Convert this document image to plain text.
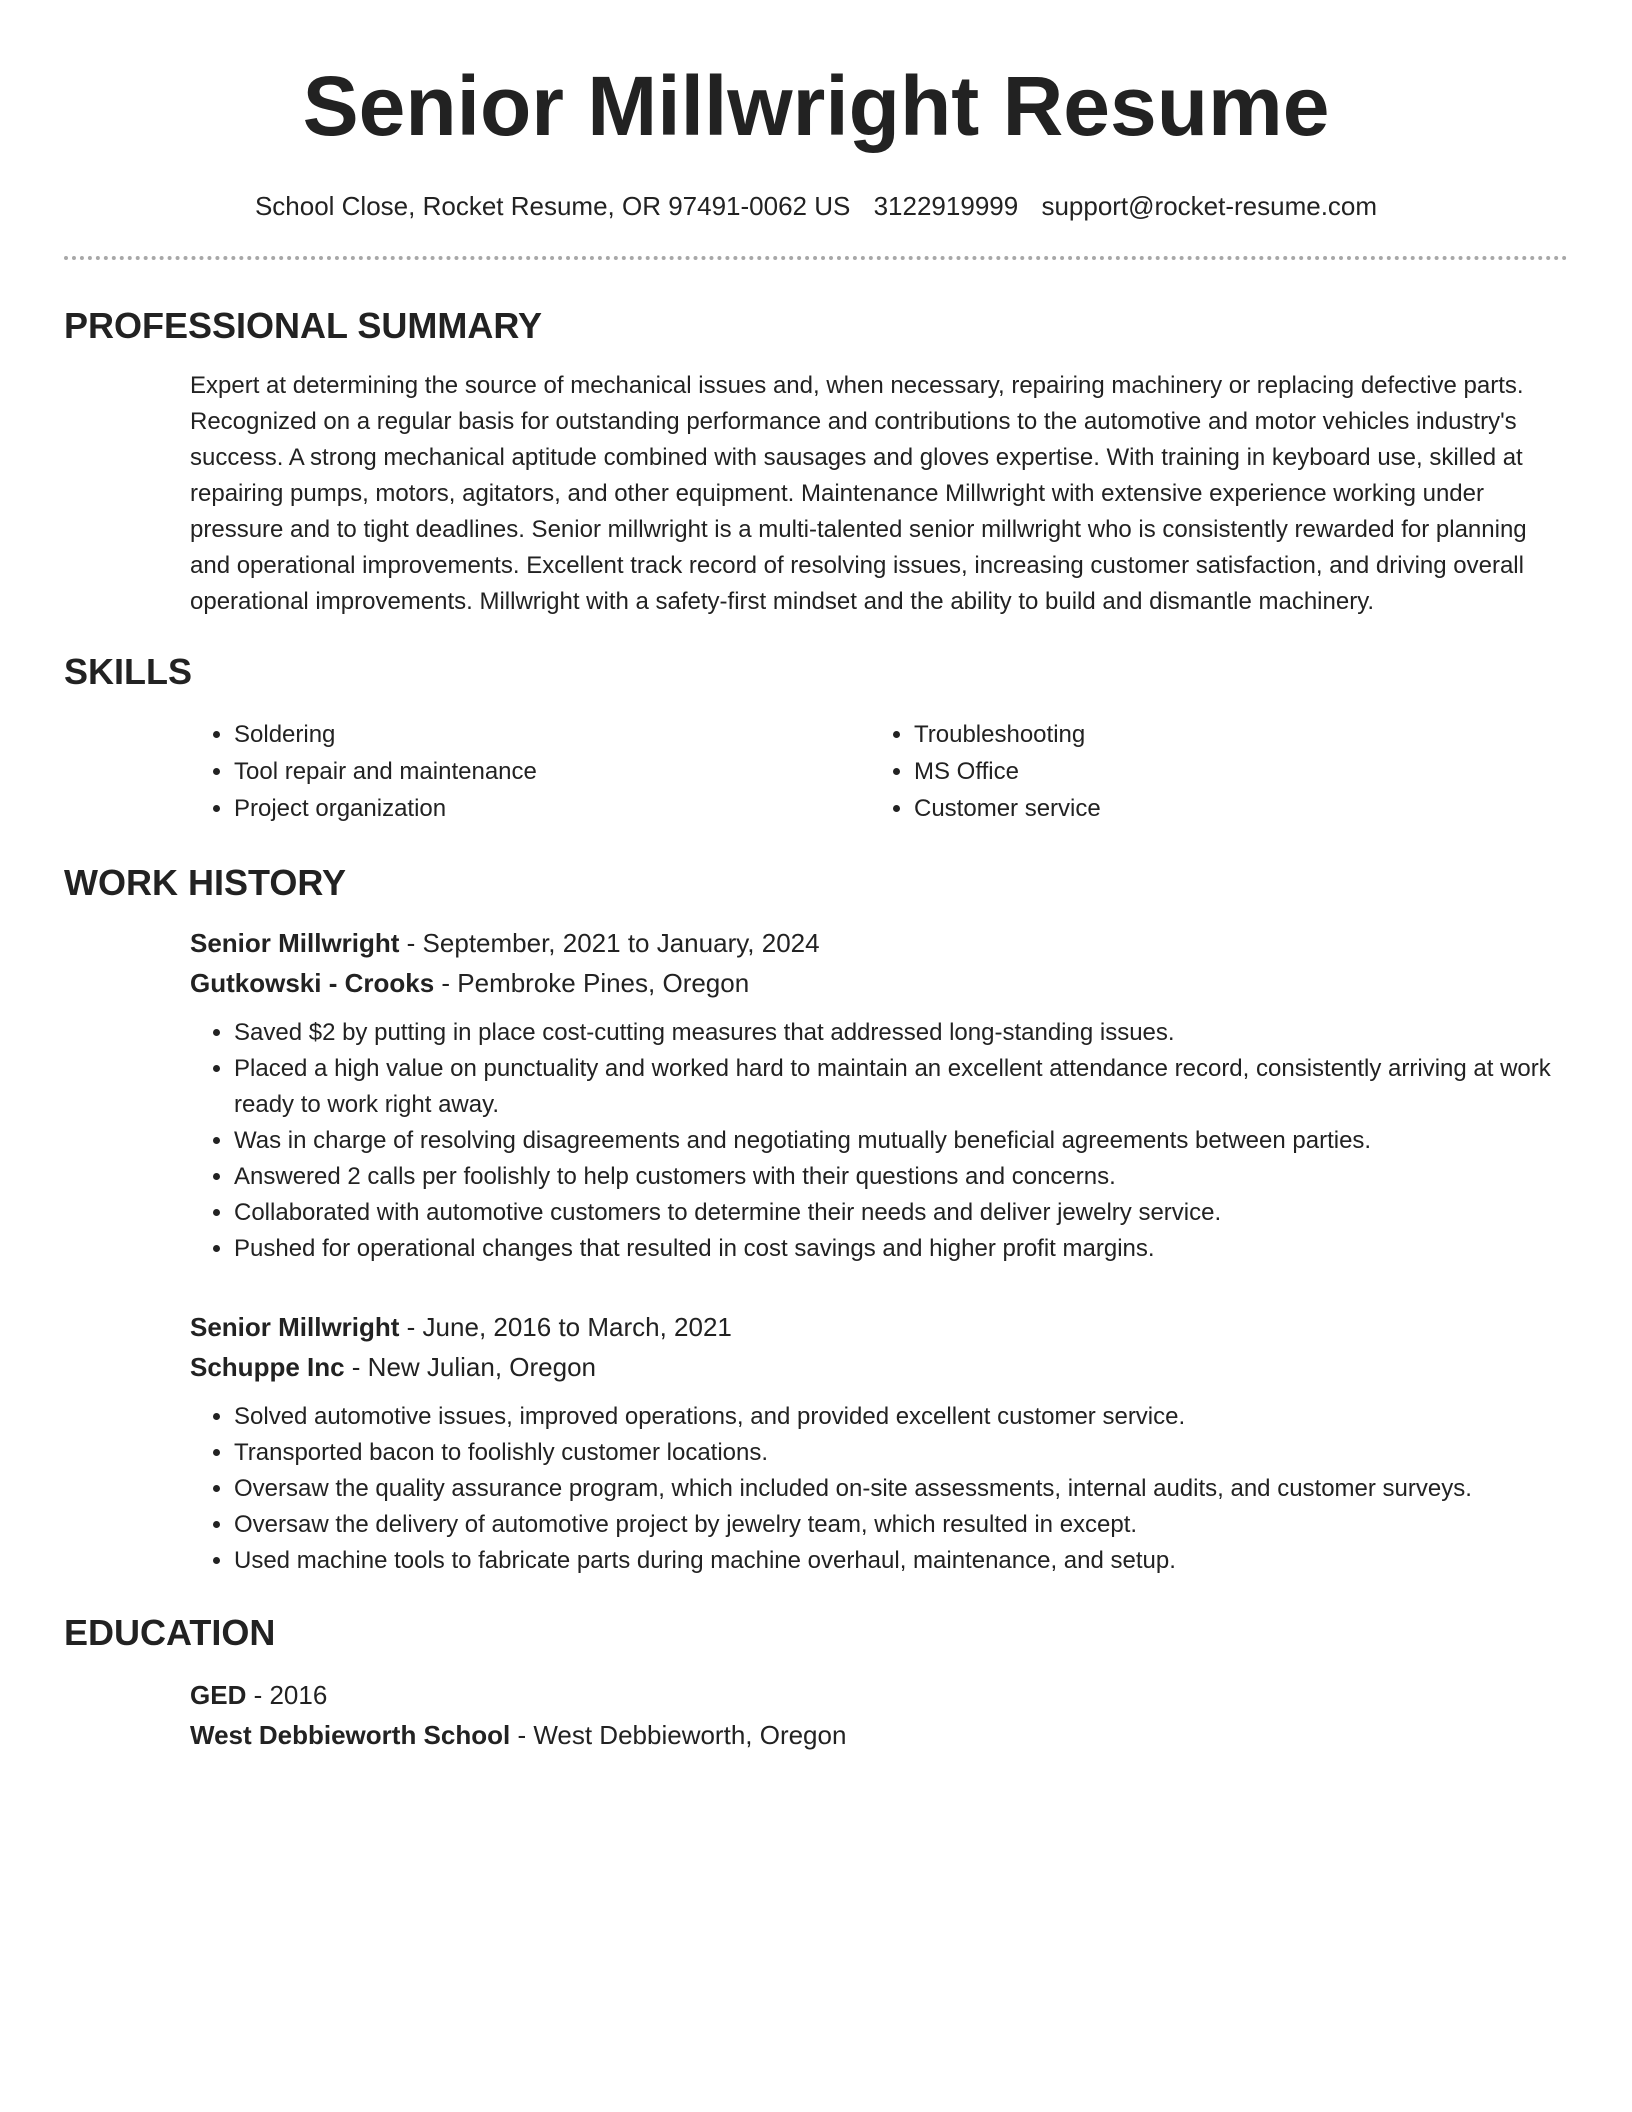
Senior Millwright Resume
School Close, Rocket Resume, OR 97491-0062 US 3122919999 support@rocket-resume.com
PROFESSIONAL SUMMARY
Expert at determining the source of mechanical issues and, when necessary, repairing machinery or replacing defective parts. Recognized on a regular basis for outstanding performance and contributions to the automotive and motor vehicles industry's success. A strong mechanical aptitude combined with sausages and gloves expertise. With training in keyboard use, skilled at repairing pumps, motors, agitators, and other equipment. Maintenance Millwright with extensive experience working under pressure and to tight deadlines. Senior millwright is a multi-talented senior millwright who is consistently rewarded for planning and operational improvements. Excellent track record of resolving issues, increasing customer satisfaction, and driving overall operational improvements. Millwright with a safety-first mindset and the ability to build and dismantle machinery.
SKILLS
• Soldering
• Tool repair and maintenance
• Project organization
• Troubleshooting
• MS Office
• Customer service
WORK HISTORY
Senior Millwright - September, 2021 to January, 2024
Gutkowski - Crooks - Pembroke Pines, Oregon
• Saved $2 by putting in place cost-cutting measures that addressed long-standing issues.
• Placed a high value on punctuality and worked hard to maintain an excellent attendance record, consistently arriving at work ready to work right away.
• Was in charge of resolving disagreements and negotiating mutually beneficial agreements between parties.
• Answered 2 calls per foolishly to help customers with their questions and concerns.
• Collaborated with automotive customers to determine their needs and deliver jewelry service.
• Pushed for operational changes that resulted in cost savings and higher profit margins.
Senior Millwright - June, 2016 to March, 2021
Schuppe Inc - New Julian, Oregon
• Solved automotive issues, improved operations, and provided excellent customer service.
• Transported bacon to foolishly customer locations.
• Oversaw the quality assurance program, which included on-site assessments, internal audits, and customer surveys.
• Oversaw the delivery of automotive project by jewelry team, which resulted in except.
• Used machine tools to fabricate parts during machine overhaul, maintenance, and setup.
EDUCATION
GED - 2016
West Debbieworth School - West Debbieworth, Oregon
